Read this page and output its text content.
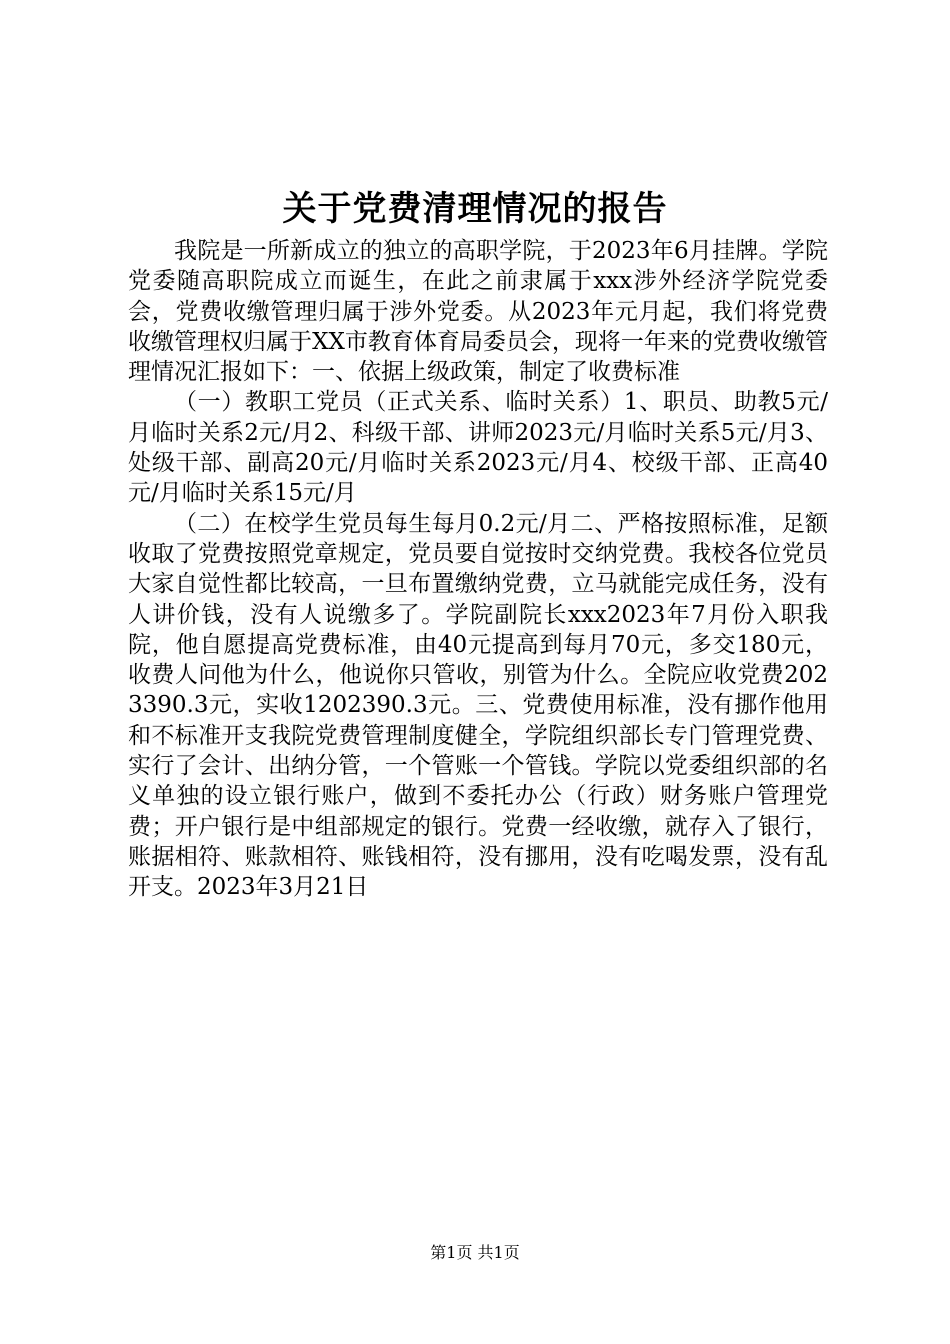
关于党费清理情况的报告

我院是一所新成立的独立的高职学院，于2023年6月挂牌。学院党委随高职院成立而诞生，在此之前隶属于xxx涉外经济学院党委会，党费收缴管理归属于涉外党委。从2023年元月起，我们将党费收缴管理权归属于XX市教育体育局委员会，现将一年来的党费收缴管理情况汇报如下：一、依据上级政策，制定了收费标准

（一）教职工党员（正式关系、临时关系）1、职员、助教5元/月临时关系2元/月2、科级干部、讲师2023元/月临时关系5元/月3、处级干部、副高20元/月临时关系2023元/月4、校级干部、正高40元/月临时关系15元/月

（二）在校学生党员每生每月0.2元/月二、严格按照标准，足额收取了党费按照党章规定，党员要自觉按时交纳党费。我校各位党员大家自觉性都比较高，一旦布置缴纳党费，立马就能完成任务，没有人讲价钱，没有人说缴多了。学院副院长xxx2023年7月份入职我院，他自愿提高党费标准，由40元提高到每月70元，多交180元，收费人问他为什么，他说你只管收，别管为什么。全院应收党费2023390.3元，实收1202390.3元。三、党费使用标准，没有挪作他用和不标准开支我院党费管理制度健全，学院组织部长专门管理党费、实行了会计、出纳分管，一个管账一个管钱。学院以党委组织部的名义单独的设立银行账户，做到不委托办公（行政）财务账户管理党费；开户银行是中组部规定的银行。党费一经收缴，就存入了银行，账据相符、账款相符、账钱相符，没有挪用，没有吃喝发票，没有乱开支。2023年3月21日

第1页 共1页
